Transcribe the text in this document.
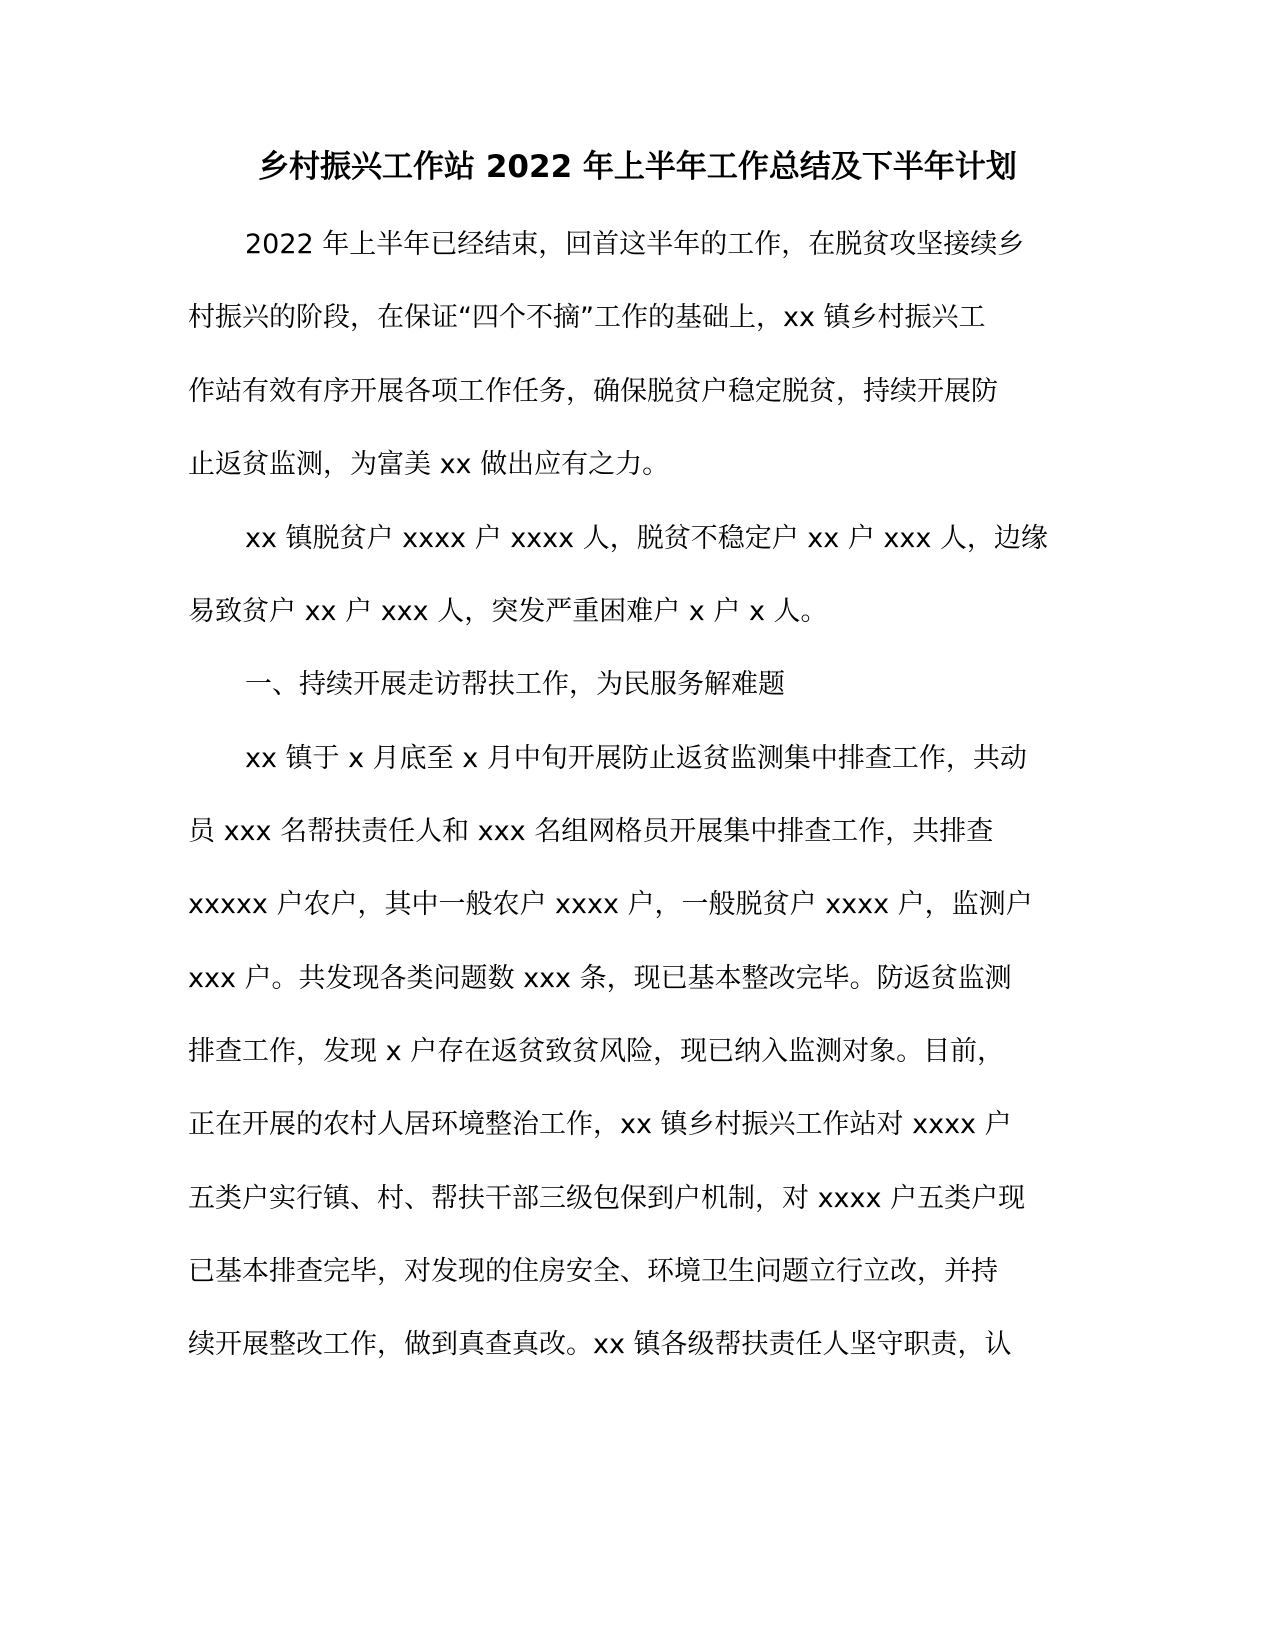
乡村振兴工作站 2022 年上半年工作总结及下半年计划
2022 年上半年已经结束，回首这半年的工作，在脱贫攻坚接续乡
村振兴的阶段，在保证“四个不摘”工作的基础上，xx 镇乡村振兴工
作站有效有序开展各项工作任务，确保脱贫户稳定脱贫，持续开展防
止返贫监测，为富美 xx 做出应有之力。
xx 镇脱贫户 xxxx 户 xxxx 人，脱贫不稳定户 xx 户 xxx 人，边缘
易致贫户 xx 户 xxx 人，突发严重困难户 x 户 x 人。
一、持续开展走访帮扶工作，为民服务解难题
xx 镇于 x 月底至 x 月中旬开展防止返贫监测集中排查工作，共动
员 xxx 名帮扶责任人和 xxx 名组网格员开展集中排查工作，共排查
xxxxx 户农户，其中一般农户 xxxx 户，一般脱贫户 xxxx 户，监测户
xxx 户。共发现各类问题数 xxx 条，现已基本整改完毕。防返贫监测
排查工作，发现 x 户存在返贫致贫风险，现已纳入监测对象。目前，
正在开展的农村人居环境整治工作，xx 镇乡村振兴工作站对 xxxx 户
五类户实行镇、村、帮扶干部三级包保到户机制，对 xxxx 户五类户现
已基本排查完毕，对发现的住房安全、环境卫生问题立行立改，并持
续开展整改工作，做到真查真改。xx 镇各级帮扶责任人坚守职责，认
